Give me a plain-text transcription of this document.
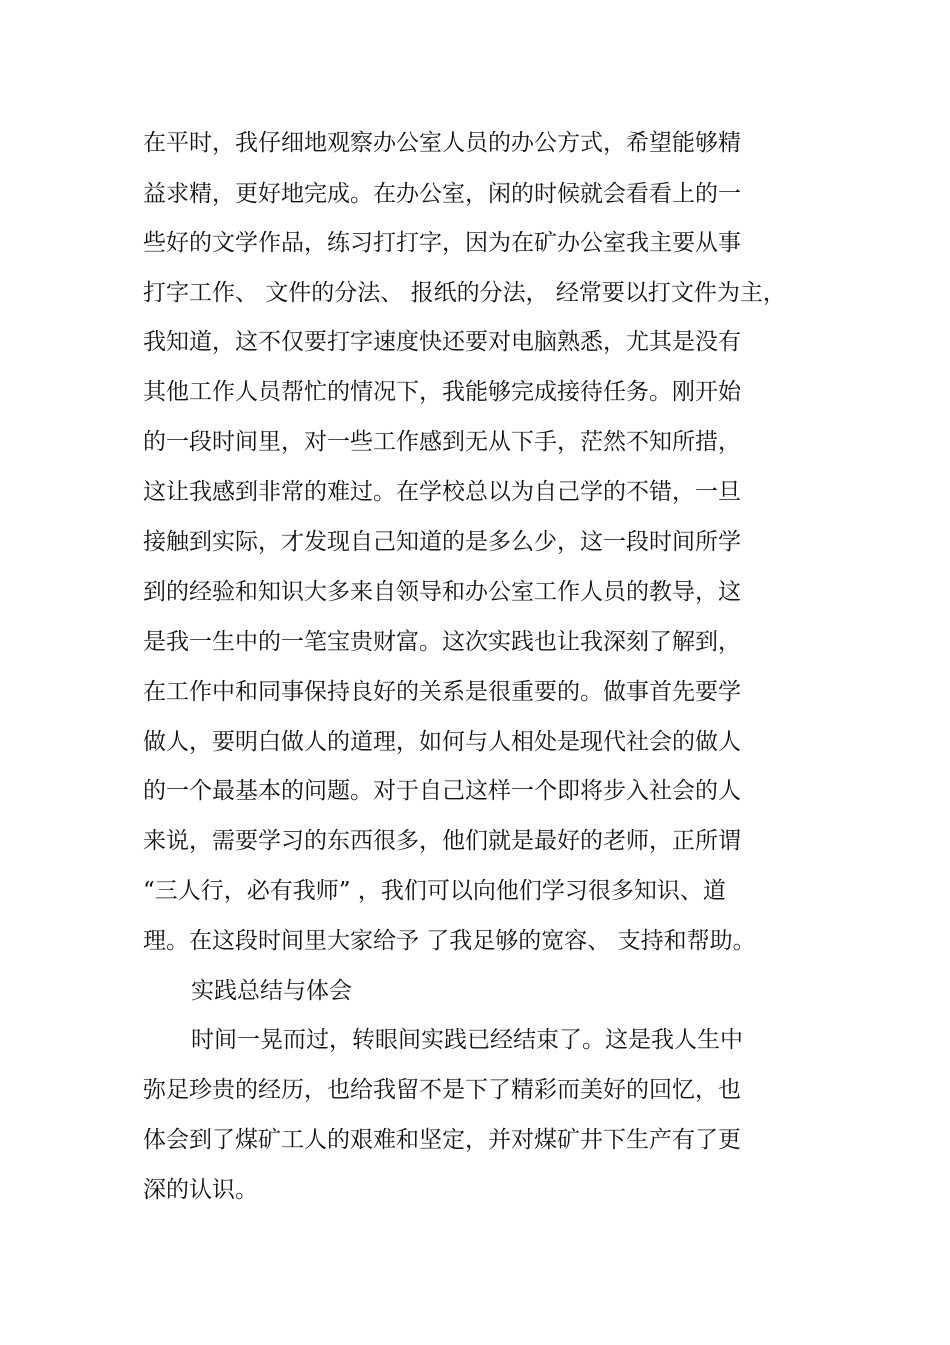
在平时，我仔细地观察办公室人员的办公方式，希望能够精

益求精，更好地完成。在办公室，闲的时候就会看看上的一

些好的文学作品，练习打打字，因为在矿办公室我主要从事

打字工作、 文件的分法、 报纸的分法， 经常要以打文件为主，

我知道，这不仅要打字速度快还要对电脑熟悉，尤其是没有

其他工作人员帮忙的情况下，我能够完成接待任务。刚开始

的一段时间里，对一些工作感到无从下手，茫然不知所措，

这让我感到非常的难过。在学校总以为自己学的不错，一旦

接触到实际，才发现自己知道的是多么少，这一段时间所学

到的经验和知识大多来自领导和办公室工作人员的教导，这

是我一生中的一笔宝贵财富。这次实践也让我深刻了解到，

在工作中和同事保持良好的关系是很重要的。做事首先要学

做人，要明白做人的道理，如何与人相处是现代社会的做人

的一个最基本的问题。对于自己这样一个即将步入社会的人

来说，需要学习的东西很多，他们就是最好的老师，正所谓

“三人行，必有我师” ，我们可以向他们学习很多知识、道

理。在这段时间里大家给予 了我足够的宽容、 支持和帮助。

实践总结与体会

时间一晃而过，转眼间实践已经结束了。这是我人生中

弥足珍贵的经历，也给我留不是下了精彩而美好的回忆，也

体会到了煤矿工人的艰难和坚定，并对煤矿井下生产有了更

深的认识。
